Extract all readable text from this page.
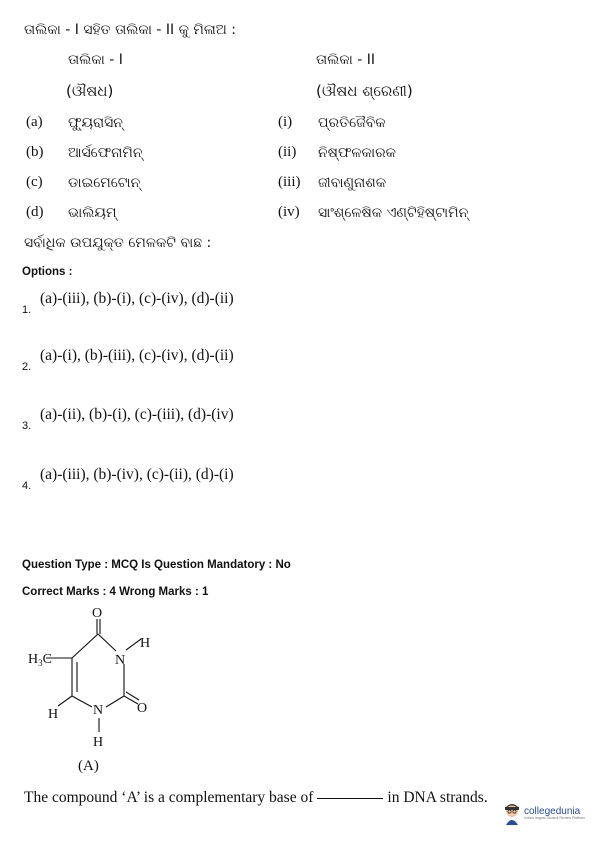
ତାଲିକା - I ସହିତ ତାଲିକା - II କୁ ମିଳାଅ :
ତାଲିକା - I	ତାଲିକା - II
(ଔଷଧ)	(ଔଷଧ ଶ୍ରେଣୀ)
(a) ଫ୍ୟୁରାସିନ୍	(i) ପ୍ରତିଜୈବିକ
(b) ଆର୍ସଫେନାମିନ୍	(ii) ନିଷ୍ଫଳକାରକ
(c) ଡାଇମେଟୋନ୍	(iii) ଜୀବାଣୁନାଶକ
(d) ଭାଲିୟମ୍	(iv) ସାଂଶ୍ଳେଷିକ ଏଣ୍ଟିହିଷ୍ଟାମିନ୍
ସର୍ବାଧିକ ଉପଯୁକ୍ତ ମେଳକଟି ବାଛ :
Options :
1.
(a)-(iii), (b)-(i), (c)-(iv), (d)-(ii)
2.
(a)-(i), (b)-(iii), (c)-(iv), (d)-(ii)
3.
(a)-(ii), (b)-(i), (c)-(iii), (d)-(iv)
4.
(a)-(iii), (b)-(iv), (c)-(ii), (d)-(i)
Question Type : MCQ Is Question Mandatory : No
Correct Marks : 4 Wrong Marks : 1
O
N
H
$H_3C$
H N
H
O
(A)
The compound ‘A’ is a complementary base of	in DNA strands.
collegedunia
India's largest Student Review Platform
